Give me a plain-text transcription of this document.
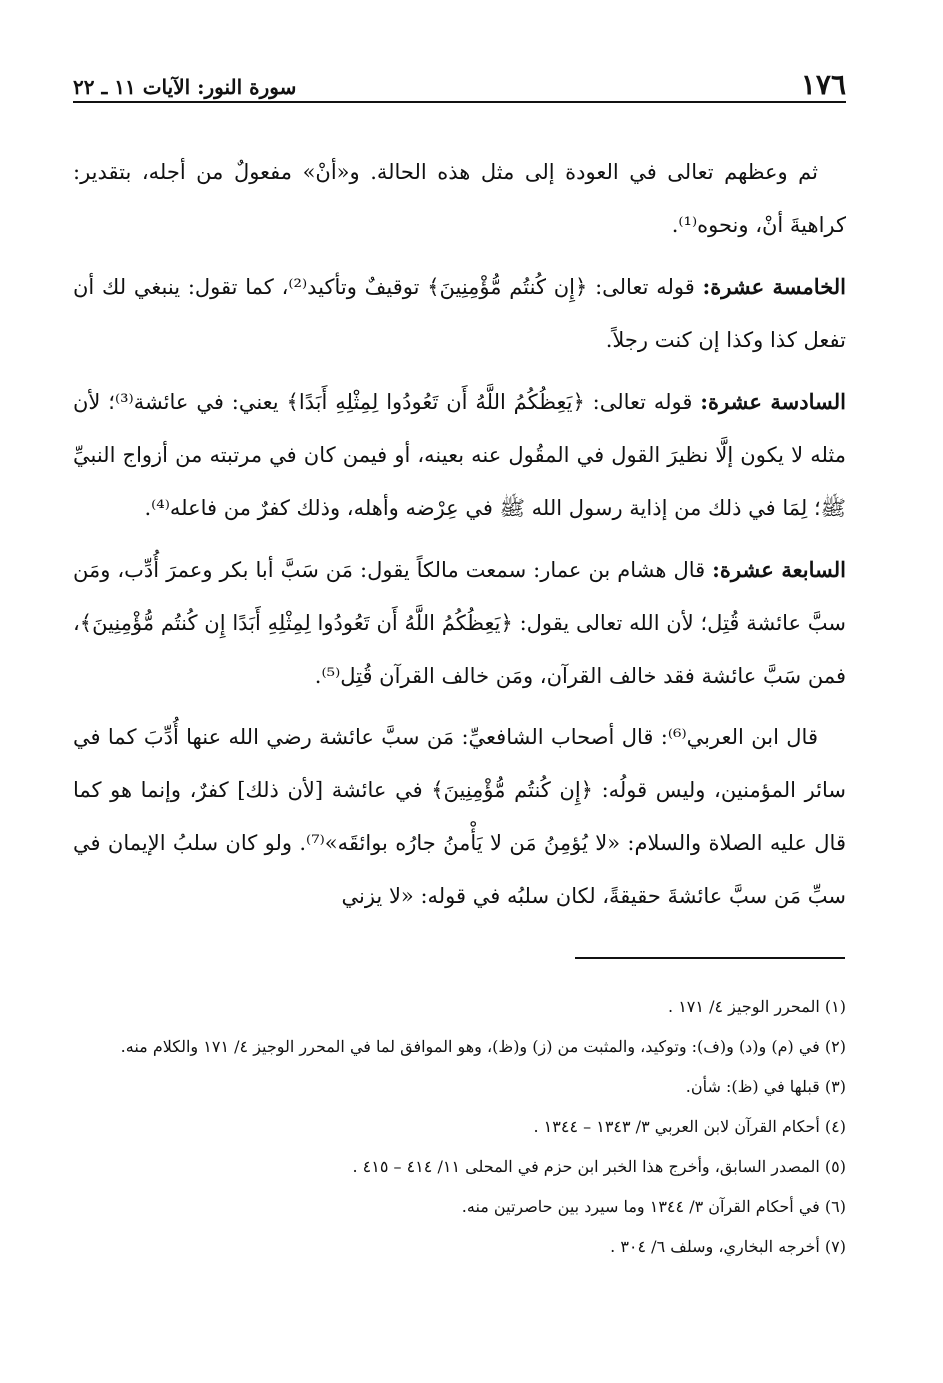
١٧٦
سورة النور: الآيات ١١ ـ ٢٢

ثم وعظهم تعالى في العودة إلى مثل هذه الحالة. و«أنْ» مفعولٌ من أجله، بتقدير: كراهيةَ أنْ، ونحوه⁽¹⁾.

الخامسة عشرة: قوله تعالى: ﴿إِن كُنتُم مُّؤْمِنِينَ﴾ توقيفٌ وتأكيد⁽²⁾، كما تقول: ينبغي لك أن تفعل كذا وكذا إن كنت رجلاً.

السادسة عشرة: قوله تعالى: ﴿يَعِظُكُمُ اللَّهُ أَن تَعُودُوا لِمِثْلِهِ أَبَدًا﴾ يعني: في عائشة⁽³⁾؛ لأن مثله لا يكون إلَّا نظيرَ القول في المقُول عنه بعينه، أو فيمن كان في مرتبته من أزواج النبيِّ ﷺ؛ لِمَا في ذلك من إذاية رسول الله ﷺ في عِرْضه وأهله، وذلك كفرٌ من فاعله⁽⁴⁾.

السابعة عشرة: قال هشام بن عمار: سمعت مالكاً يقول: مَن سَبَّ أبا بكر وعمرَ أُدِّب، ومَن سبَّ عائشة قُتِل؛ لأن الله تعالى يقول: ﴿يَعِظُكُمُ اللَّهُ أَن تَعُودُوا لِمِثْلِهِ أَبَدًا إِن كُنتُم مُّؤْمِنِينَ﴾، فمن سَبَّ عائشة فقد خالف القرآن، ومَن خالف القرآن قُتِل⁽⁵⁾.

قال ابن العربي⁽⁶⁾: قال أصحاب الشافعيِّ: مَن سبَّ عائشة رضي الله عنها أُدِّبَ كما في سائر المؤمنين، وليس قولُه: ﴿إِن كُنتُم مُّؤْمِنِينَ﴾ في عائشة [لأن ذلك] كفرٌ، وإنما هو كما قال عليه الصلاة والسلام: «لا يُؤمِنُ مَن لا يَأْمنُ جارُه بوائقَه»⁽⁷⁾. ولو كان سلبُ الإيمان في سبِّ مَن سبَّ عائشةَ حقيقةً، لكان سلبُه في قوله: «لا يزني

(١) المحرر الوجيز ٤/ ١٧١ .

(٢) في (م) و(د) و(ف): وتوكيد، والمثبت من (ز) و(ظ)، وهو الموافق لما في المحرر الوجيز ٤/ ١٧١ والكلام منه.

(٣) قبلها في (ظ): شأن.

(٤) أحكام القرآن لابن العربي ٣/ ١٣٤٣ – ١٣٤٤ .

(٥) المصدر السابق، وأخرج هذا الخبر ابن حزم في المحلى ١١/ ٤١٤ – ٤١٥ .

(٦) في أحكام القرآن ٣/ ١٣٤٤ وما سيرد بين حاصرتين منه.

(٧) أخرجه البخاري، وسلف ٦/ ٣٠٤ .
